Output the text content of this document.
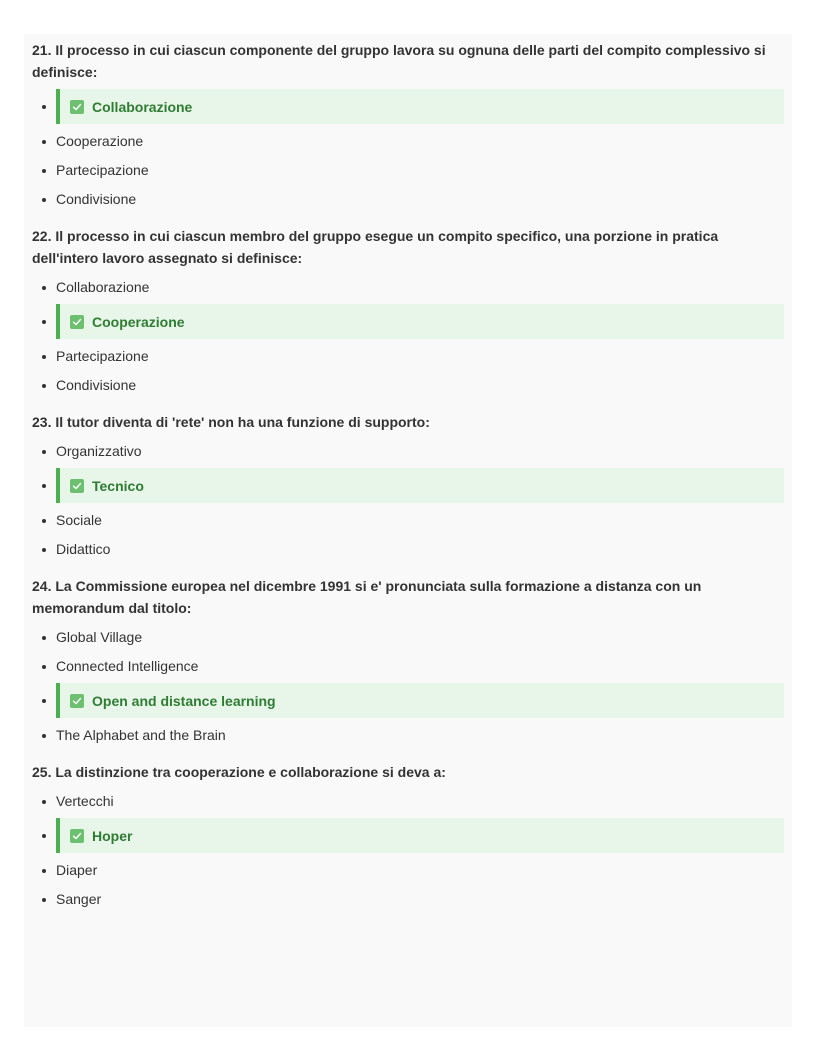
21. Il processo in cui ciascun componente del gruppo lavora su ognuna delle parti del compito complessivo si definisce:

Collaborazione
Cooperazione
Partecipazione
Condivisione

22. Il processo in cui ciascun membro del gruppo esegue un compito specifico, una porzione in pratica dell'intero lavoro assegnato si definisce:

Collaborazione
Cooperazione
Partecipazione
Condivisione

23. Il tutor diventa di 'rete' non ha una funzione di supporto:

Organizzativo
Tecnico
Sociale
Didattico

24. La Commissione europea nel dicembre 1991 si e' pronunciata sulla formazione a distanza con un memorandum dal titolo:

Global Village
Connected Intelligence
Open and distance learning
The Alphabet and the Brain

25. La distinzione tra cooperazione e collaborazione si deva a:

Vertecchi
Hoper
Diaper
Sanger
